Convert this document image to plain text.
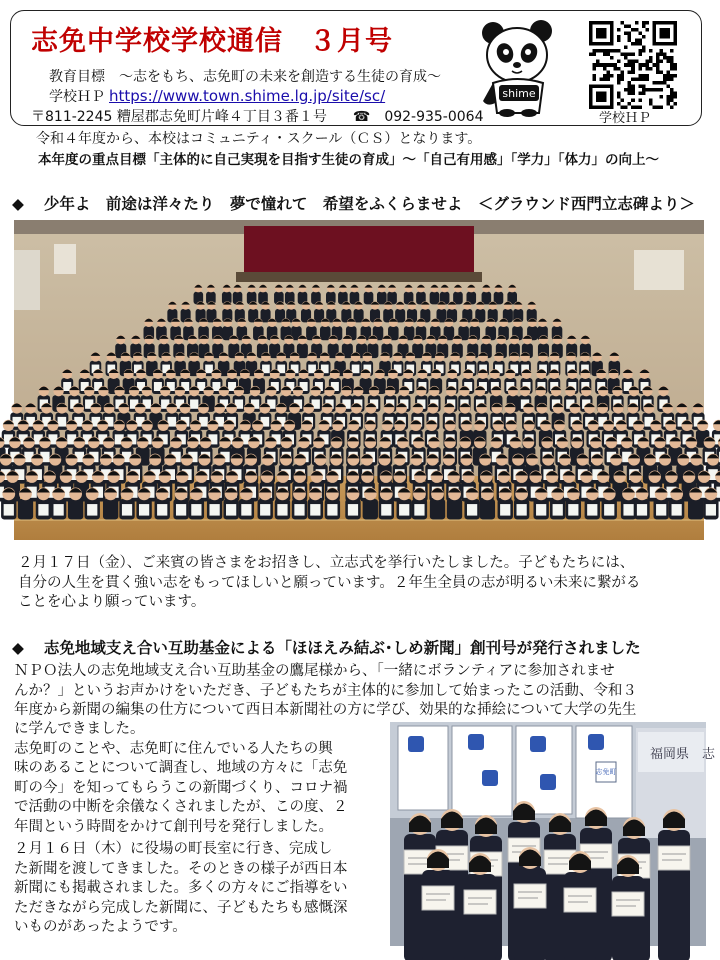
志免中学校学校通信 ３月号
教育目標　 ～志をもち、志免町の未来を創造する生徒の育成～
学校ＨＰ https://www.town.shime.lg.jp/site/sc/
〒811-2245 糟屋郡志免町片峰４丁目３番１号 ☎　 092-935-0064
shime
学校ＨＰ
令和４年度から、本校はコミュニティ・スクール（ＣＳ）となります。
本年度の重点目標「主体的に自己実現を目指す生徒の育成」～「自己有用感」「学力」「体力」の向上～
◆ 少年よ　前途は洋々たり　夢で憧れて　希望をふくらませよ　＜グラウンド西門立志碑より＞
２月１７日（金）、ご来賓の皆さまをお招きし、立志式を挙行いたしました。子どもたちには、
自分の人生を貫く強い志をもってほしいと願っています。２年生全員の志が明るい未来に繋がる
ことを心より願っています。
◆ 志免地域支え合い互助基金による「ほほえみ結ぶ･しめ新聞」創刊号が発行されました
ＮＰＯ法人の志免地域支え合い互助基金の鷹尾様から、「一緒にボランティアに参加されませ
んか？」というお声かけをいただき、子どもたちが主体的に参加して始まったこの活動、令和３
年度から新聞の編集の仕方について西日本新聞社の方に学び、効果的な挿絵について大学の先生
に学んできました。
志免町のことや、志免町に住んでいる人たちの興
味のあることについて調査し、地域の方々に「志免
町の今」を知ってもらうこの新聞づくり、コロナ禍
で活動の中断を余儀なくされましたが、この度、２
年間という時間をかけて創刊号を発行しました。
２月１６日（木）に役場の町長室に行き、完成し
た新聞を渡してきました。そのときの様子が西日本
新聞にも掲載されました。多くの方々にご指導をい
ただきながら完成した新聞に、子どもたちも感慨深
いものがあったようです。
志免町
福岡県　志
